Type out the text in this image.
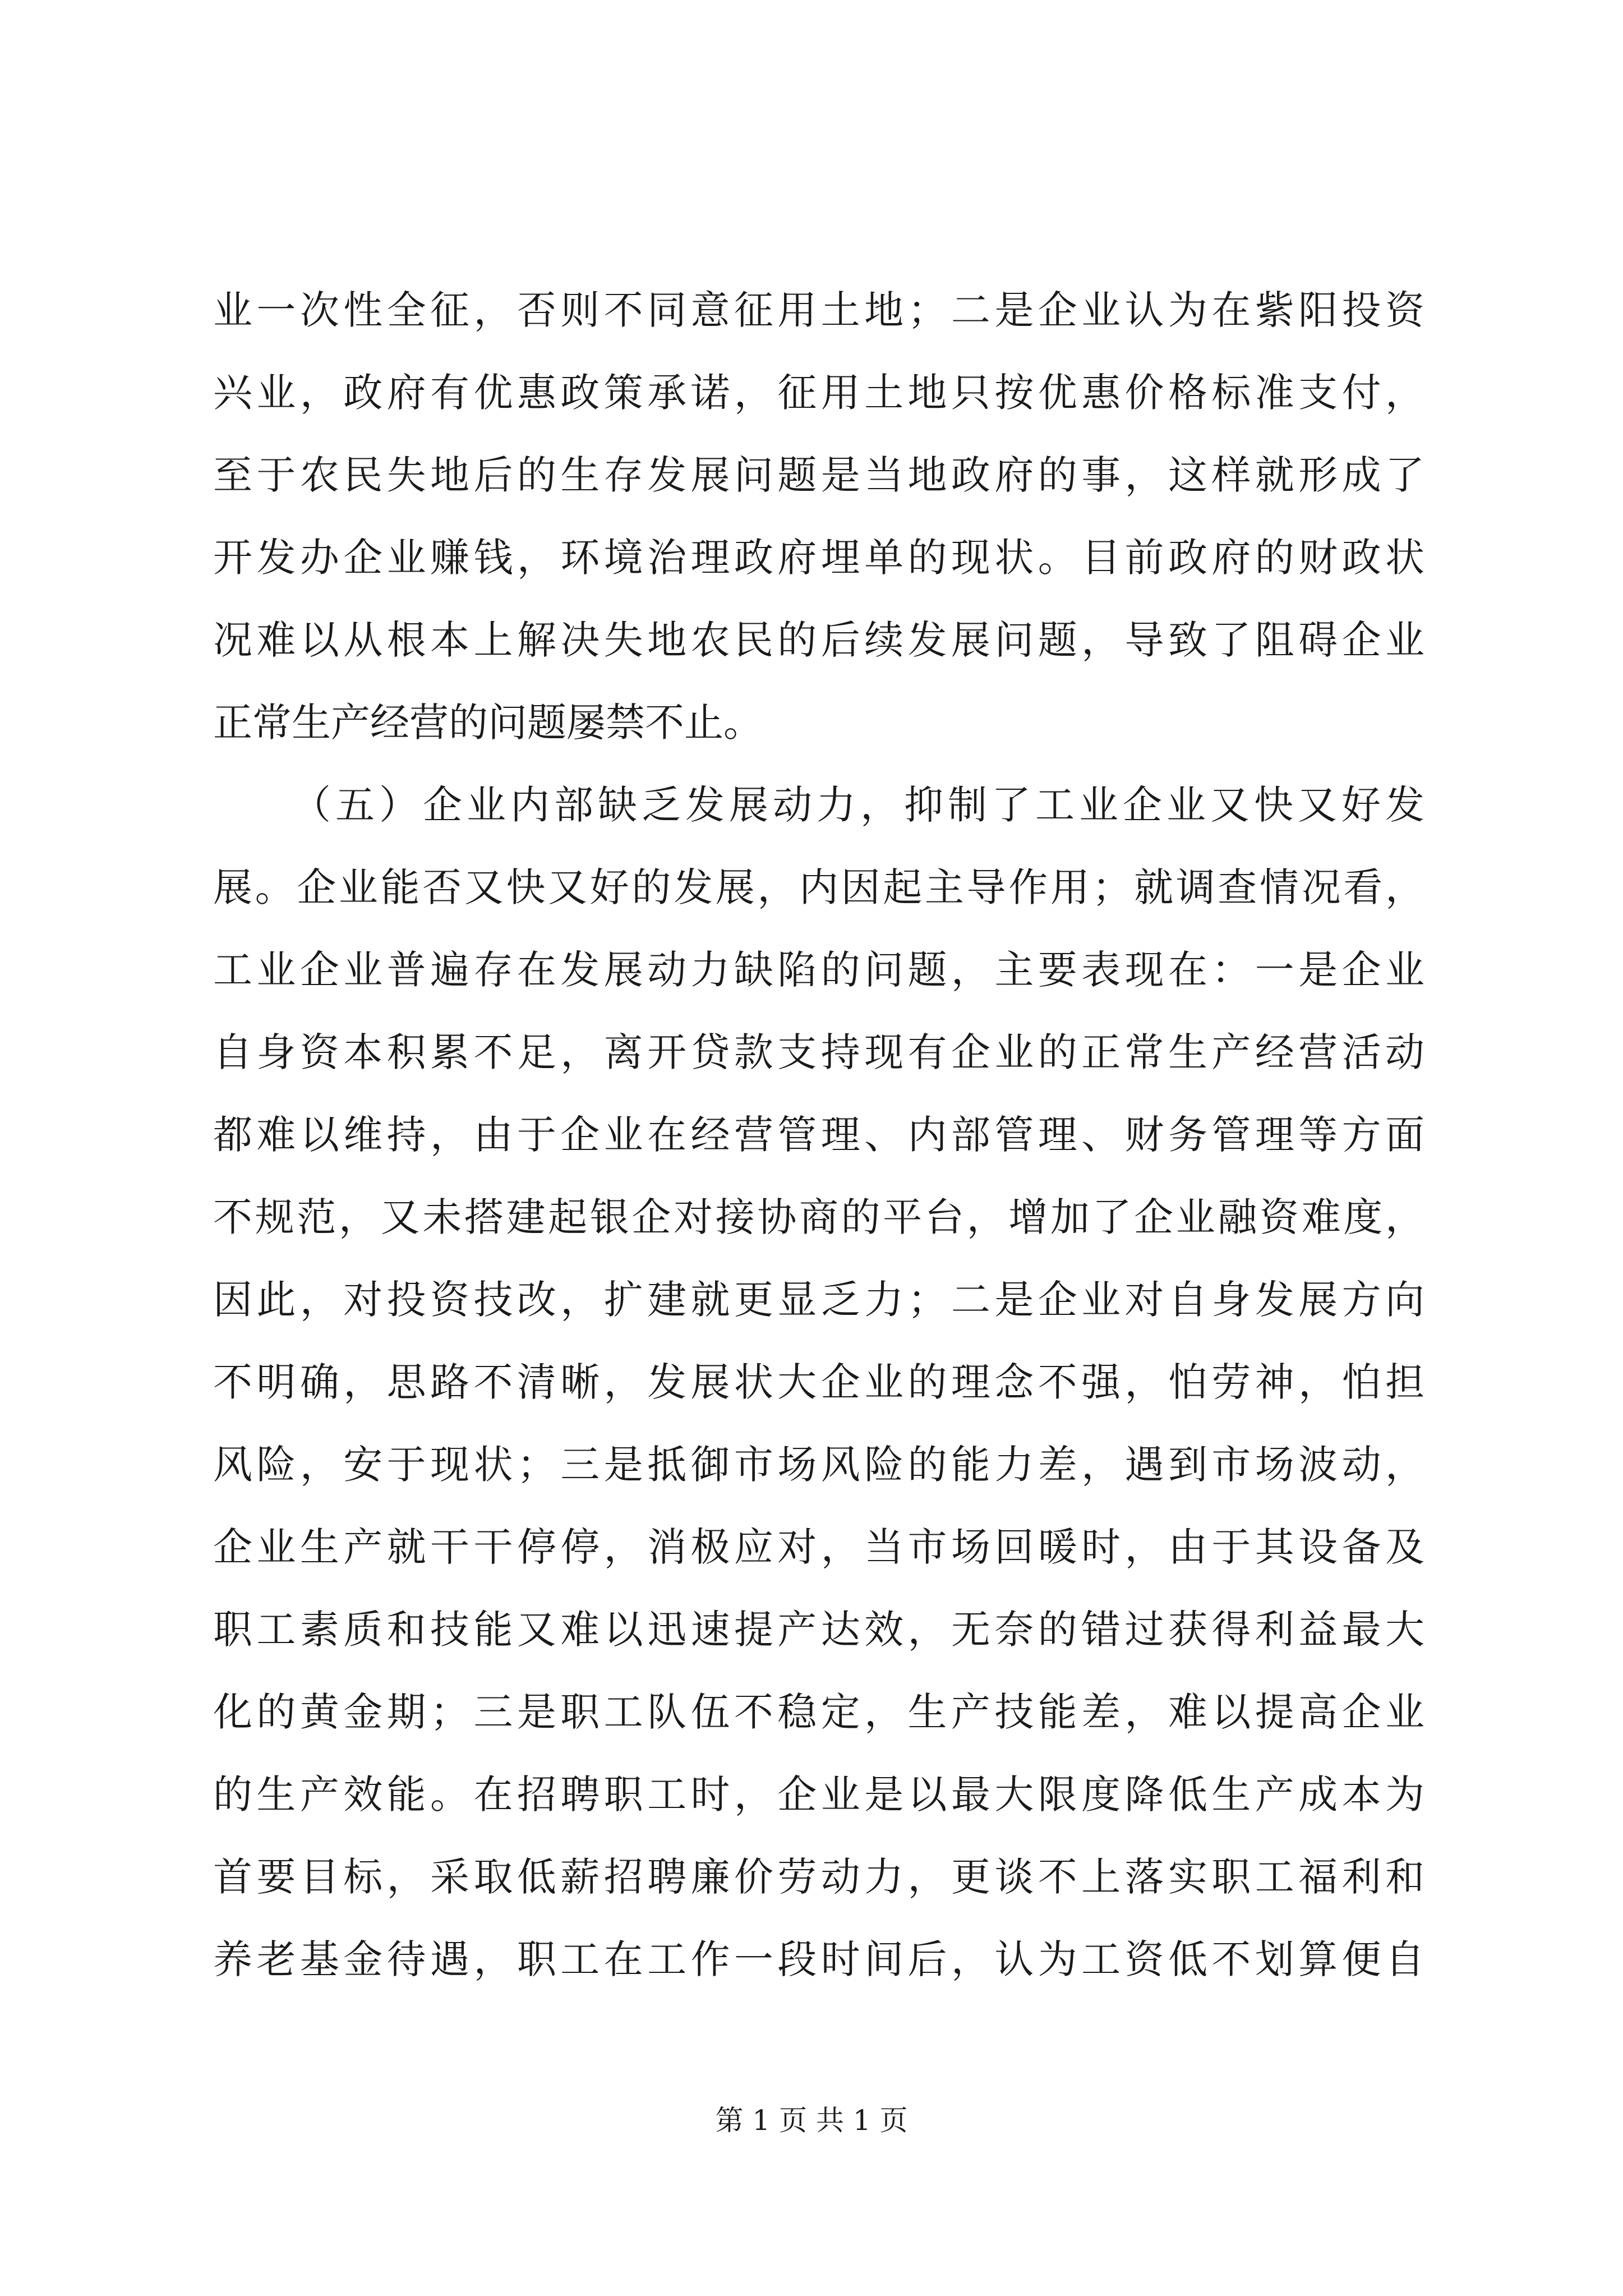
业一次性全征，否则不同意征用土地；二是企业认为在紫阳投资
兴业，政府有优惠政策承诺，征用土地只按优惠价格标准支付，
至于农民失地后的生存发展问题是当地政府的事，这样就形成了
开发办企业赚钱，环境治理政府埋单的现状。目前政府的财政状
况难以从根本上解决失地农民的后续发展问题，导致了阻碍企业
正常生产经营的问题屡禁不止。
（五）企业内部缺乏发展动力，抑制了工业企业又快又好发
展。企业能否又快又好的发展，内因起主导作用；就调查情况看，
工业企业普遍存在发展动力缺陷的问题，主要表现在：一是企业
自身资本积累不足，离开贷款支持现有企业的正常生产经营活动
都难以维持，由于企业在经营管理、内部管理、财务管理等方面
不规范，又未搭建起银企对接协商的平台，增加了企业融资难度，
因此，对投资技改，扩建就更显乏力；二是企业对自身发展方向
不明确，思路不清晰，发展状大企业的理念不强，怕劳神，怕担
风险，安于现状；三是抵御市场风险的能力差，遇到市场波动，
企业生产就干干停停，消极应对，当市场回暖时，由于其设备及
职工素质和技能又难以迅速提产达效，无奈的错过获得利益最大
化的黄金期；三是职工队伍不稳定，生产技能差，难以提高企业
的生产效能。在招聘职工时，企业是以最大限度降低生产成本为
首要目标，采取低薪招聘廉价劳动力，更谈不上落实职工福利和
养老基金待遇，职工在工作一段时间后，认为工资低不划算便自
第 1 页 共 1 页
